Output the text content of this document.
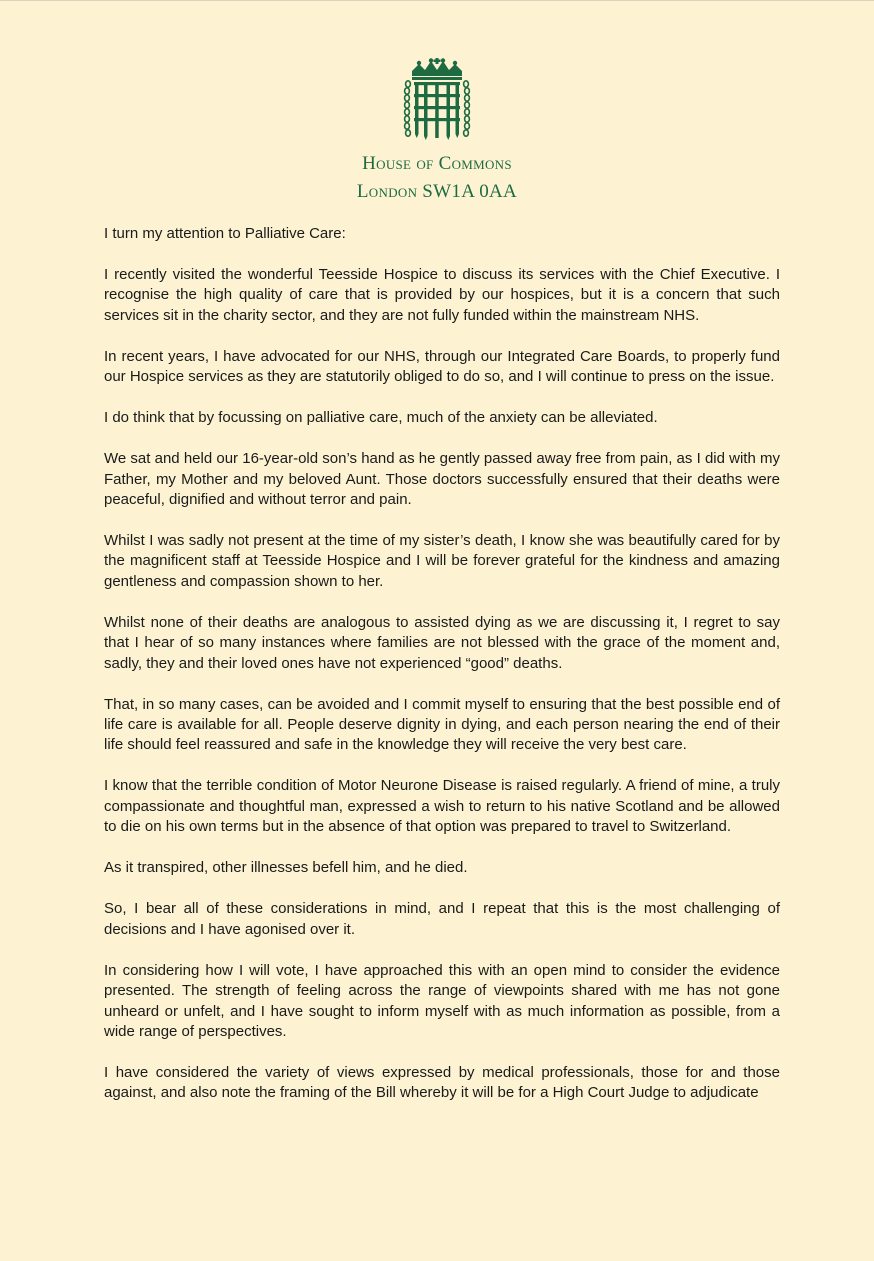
House of Commons
London SW1A 0AA

I turn my attention to Palliative Care:

I recently visited the wonderful Teesside Hospice to discuss its services with the Chief Executive. I recognise the high quality of care that is provided by our hospices, but it is a concern that such services sit in the charity sector, and they are not fully funded within the mainstream NHS.

In recent years, I have advocated for our NHS, through our Integrated Care Boards, to properly fund our Hospice services as they are statutorily obliged to do so, and I will continue to press on the issue.

I do think that by focussing on palliative care, much of the anxiety can be alleviated.

We sat and held our 16-year-old son’s hand as he gently passed away free from pain, as I did with my Father, my Mother and my beloved Aunt. Those doctors successfully ensured that their deaths were peaceful, dignified and without terror and pain.

Whilst I was sadly not present at the time of my sister’s death, I know she was beautifully cared for by the magnificent staff at Teesside Hospice and I will be forever grateful for the kindness and amazing gentleness and compassion shown to her.

Whilst none of their deaths are analogous to assisted dying as we are discussing it, I regret to say that I hear of so many instances where families are not blessed with the grace of the moment and, sadly, they and their loved ones have not experienced “good” deaths.

That, in so many cases, can be avoided and I commit myself to ensuring that the best possible end of life care is available for all. People deserve dignity in dying, and each person nearing the end of their life should feel reassured and safe in the knowledge they will receive the very best care.

I know that the terrible condition of Motor Neurone Disease is raised regularly. A friend of mine, a truly compassionate and thoughtful man, expressed a wish to return to his native Scotland and be allowed to die on his own terms but in the absence of that option was prepared to travel to Switzerland.

As it transpired, other illnesses befell him, and he died.

So, I bear all of these considerations in mind, and I repeat that this is the most challenging of decisions and I have agonised over it.

In considering how I will vote, I have approached this with an open mind to consider the evidence presented. The strength of feeling across the range of viewpoints shared with me has not gone unheard or unfelt, and I have sought to inform myself with as much information as possible, from a wide range of perspectives.

I have considered the variety of views expressed by medical professionals, those for and those against, and also note the framing of the Bill whereby it will be for a High Court Judge to adjudicate
